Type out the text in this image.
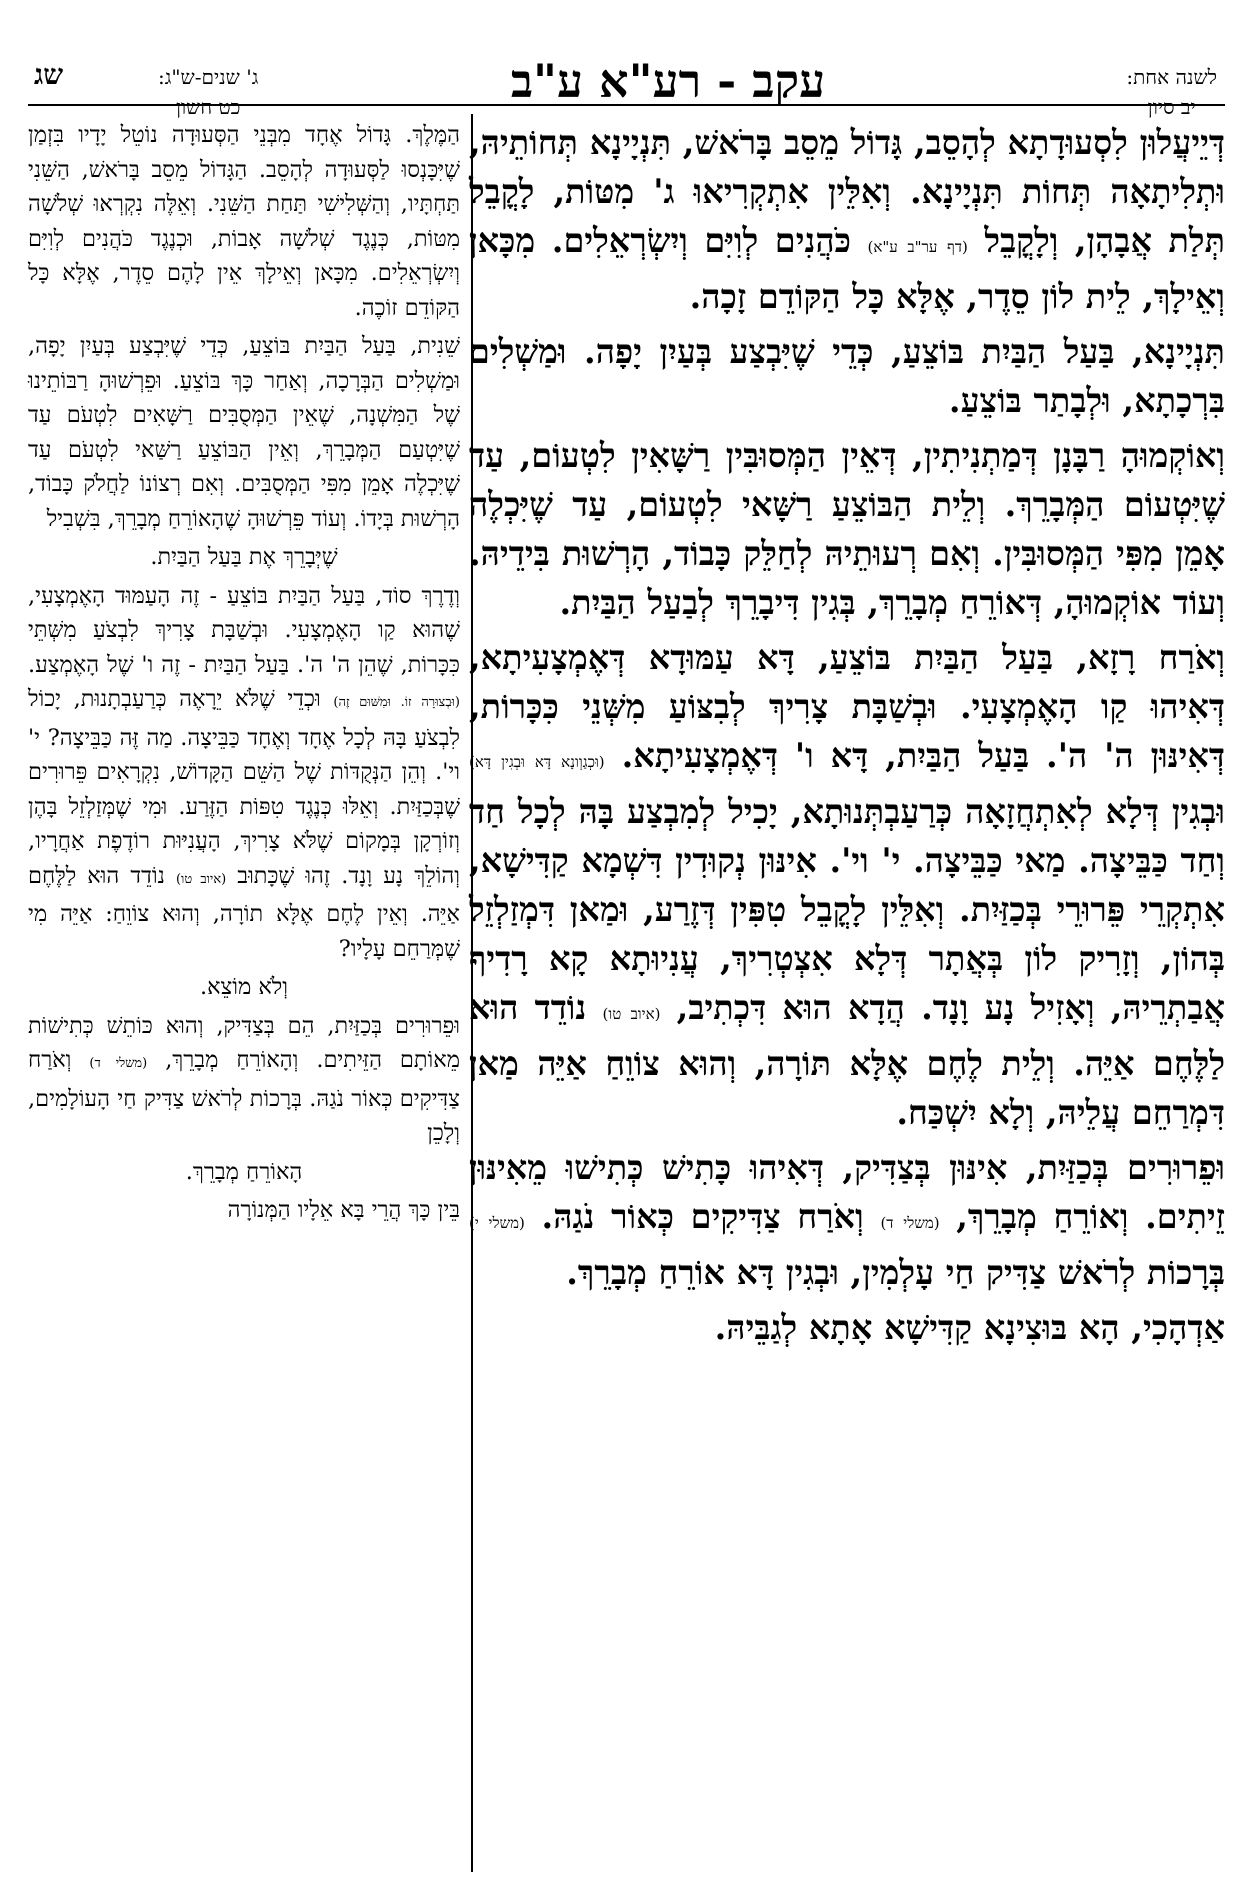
שג	ג' שנים-ש"ג:
כט חשון	עקב - רע"א ע"ב	לשנה אחת:
יב סיון

דְּיֵיעֲלוּן לִסְעוּדָתָא לְהָסֵב, גָּדוֹל מֵסֵב בָּרֹאשׁ, תִּנְיָינָא תְּחוֹתֵיהּ, וּתְלִיתָאָה תְּחוֹת תִּנְיָינָא. וְאִלֵּין אִתְקְרִיאוּ ג' מִטּוֹת, לָקֳבֵל תְּלַת אֲבָהָן, וְלָקֳבֵל (דף ער"ב ע"א) כֹּהֲנִים לְוִיִּם וְיִשְׂרְאֵלִים. מִכָּאן וְאֵילָךְ, לֵית לוֹן סֵדֶר, אֶלָּא כָּל הַקּוֹדֵם זָכָה.

תִּנְיָינָא, בַּעַל הַבַּיִת בּוֹצֵעַ, כְּדֵי שֶׁיִּבְצַע בְּעַיִן יָפָה. וּמַשְׁלִים בִּרְכָתָא, וּלְבָתַר בּוֹצֵעַ.

וְאוֹקְמוּהָ רַבָּנָן דְּמַתְנִיתִין, דְּאֵין הַמְּסוּבִּין רַשָּׁאִין לִטְעוֹם, עַד שֶׁיִּטְעוֹם הַמְּבָרֵךְ. וְלֵית הַבּוֹצֵעַ רַשָּׁאי לִטְעוֹם, עַד שֶׁיִּכְלֶה אָמֵן מִפִּי הַמְּסוּבִּין. וְאִם רְעוּתֵיהּ לְחַלֵּק כָּבוֹד, הָרְשׁוּת בִּידֵיהּ. וְעוֹד אוֹקְמוּהָ, דְּאוֹרֵחַ מְבָרֵךְ, בְּגִין דִּיבָרֵךְ לְבַעַל הַבַּיִת.

וְאֹרַח רָזָא, בַּעַל הַבַּיִת בּוֹצֵעַ, דָּא עַמּוּדָא דְּאֶמְצָעִיתָא, דְּאִיהוּ קַו הָאֶמְצָעִי. וּבְשַׁבָּת צָרִיךְ לְבִצּוֹעַ מִשְּׁנֵי כִּכָּרוֹת, דְּאִינּוּן ה' ה'. בַּעַל הַבַּיִת, דָּא ו' דְּאֶמְצָעִיתָא. (וּכְגַוְונָא דָּא וּבְגִין דָּא) וּבְגִין דְּלָא לְאִתְחֲזָאָה כְּרַעַבְתְּנוּתָא, יָכִיל לְמִבְצַע בָּהּ לְכָל חַד וְחַד כַּבֵּיצָה. מַאי כַּבֵּיצָה. י' וי'. אִינּוּן נְקוּדִין דִּשְׁמָא קַדִּישָׁא, אִתְקְרֵי פֵּרוּרֵי בְּכַזַּיִת. וְאִלֵּין לָקֳבֵל טִפִּין דְּזֶרַע, וּמַאן דִּמְזַלְזֵל בְּהוֹן, וְזָרִיק לוֹן בְּאֲתָר דְּלָא אִצְטְרִיךְ, עֲנִיוּתָא קָא רָדִיף אֲבַתְרֵיהּ, וְאָזִיל נָע וָנָד. הֲדָא הוּא דִּכְתִיב, (איוב טו) נוֹדֵד הוּא לַלֶּחֶם אַיֵּה. וְלֵית לֶחֶם אֶלָּא תּוֹרָה, וְהוּא צוֹוֵחַ אַיֵּה מַאן דִּמְרַחֵם עֲלֵיהּ, וְלָא יִשְׁכַּח.

וּפֵרוּרִים בְּכַזַּיִת, אִינּוּן בְּצַדִּיק, דְּאִיהוּ כָּתִישׁ כְּתִישׁוּ מֵאִינּוּן זֵיתִים. וְאוֹרֵחַ מְבָרֵךְ, (משלי ד) וְאֹרַח צַדִּיקִים כְּאוֹר נֹגַהּ. (משלי י) בְּרָכוֹת לְרֹאשׁ צַדִּיק חַי עָלְמִין, וּבְגִין דָּא אוֹרֵחַ מְבָרֵךְ.

אַדְהָכִי, הָא בּוּצִינָא קַדִּישָׁא אָתָא לְגַבֵּיהּ.

הַמֶּלֶךְ. גָּדוֹל אֶחָד מִבְּנֵי הַסְּעוּדָה נוֹטֵל יָדָיו בִּזְמַן שֶׁיִּכָּנְסוּ לַסְּעוּדָה לְהָסֵב. הַגָּדוֹל מֵסֵב בָּרֹאשׁ, הַשֵּׁנִי תַּחְתָּיו, וְהַשְּׁלִישִׁי תַּחַת הַשֵּׁנִי. וְאֵלֶּה נִקְרְאוּ שְׁלֹשָׁה מִטּוֹת, כְּנֶגֶד שְׁלֹשָׁה אָבוֹת, וּכְנֶגֶד כֹּהֲנִים לְוִיִּם וְיִשְׂרְאֵלִים. מִכָּאן וְאֵילָךְ אֵין לָהֶם סֵדֶר, אֶלָּא כָּל הַקּוֹדֵם זוֹכֶה.

שֵׁנִית, בַּעַל הַבַּיִת בּוֹצֵעַ, כְּדֵי שֶׁיִּבְצַע בְּעַיִן יָפָה, וּמַשְׁלִים הַבְּרָכָה, וְאַחַר כָּךְ בּוֹצֵעַ. וּפֵרְשׁוּהָ רַבּוֹתֵינוּ שֶׁל הַמִּשְׁנָה, שֶׁאֵין הַמְּסֻבִּים רַשָּׁאִים לִטְעֹם עַד שֶׁיִּטְעַם הַמְּבָרֵךְ, וְאֵין הַבּוֹצֵעַ רַשַּׁאי לִטְעֹם עַד שֶׁיִּכְלֶה אָמֵן מִפִּי הַמְּסֻבִּים. וְאִם רְצוֹנוֹ לַחֲלֹק כָּבוֹד, הָרְשׁוּת בְּיָדוֹ. וְעוֹד פֵּרְשׁוּהָ שֶׁהָאוֹרֵחַ מְבָרֵךְ, בִּשְׁבִיל

שֶׁיְּבָרֵךְ אֶת בַּעַל הַבַּיִת.

וְדֶרֶךְ סוֹד, בַּעַל הַבַּיִת בּוֹצֵעַ - זֶה הָעַמּוּד הָאֶמְצָעִי, שֶׁהוּא קַו הָאֶמְצָעִי. וּבְשַׁבָּת צָרִיךְ לִבְצֹעַ מִשְּׁתֵּי כִּכָּרוֹת, שֶׁהֵן ה' ה'. בַּעַל הַבַּיִת - זֶה ו' שֶׁל הָאֶמְצַע. (וּבְצוּרָה זוֹ. וּמִשּׁוּם זֶה) וּכְדֵי שֶׁלֹּא יֵרָאֶה כְּרַעַבְתָנוּת, יָכוֹל לִבְצֹעַ בָּהּ לְכָל אֶחָד וְאֶחָד כַּבֵּיצָה. מַה זֶּה כַּבֵּיצָה? י' וי'. וְהֵן הַנְּקֻדּוֹת שֶׁל הַשֵּׁם הַקָּדוֹשׁ, נִקְרָאִים פֵּרוּרִים שֶׁבְּכַזַּיִת. וְאֵלּוּ כְּנֶגֶד טִפּוֹת הַזֶּרַע. וּמִי שֶׁמְּזַלְזֵל בָּהֶן וְזוֹרְקָן בְּמָקוֹם שֶׁלֹּא צָרִיךְ, הָעֲנִיּוּת רוֹדֶפֶת אַחֲרָיו, וְהוֹלֵךְ נָע וָנָד. זֶהוּ שֶׁכָּתוּב (איוב טו) נוֹדֵד הוּא לַלֶּחֶם אַיֵּה. וְאֵין לֶחֶם אֶלָּא תוֹרָה, וְהוּא צוֹוֵחַ: אַיֵּה מִי שֶׁמְּרַחֵם עָלָיו?

וְלֹא מוֹצֵא.

וּפֵרוּרִים בְּכַזַּיִת, הֵם בְּצַדִּיק, וְהוּא כּוֹתֵשׁ כְּתִישׁוֹת מֵאוֹתָם הַזֵּיתִים. וְהָאוֹרֵחַ מְבָרֵךְ, (משלי ד) וְאֹרַח צַדִּיקִים כְּאוֹר נֹגַהּ. בְּרָכוֹת לְרֹאשׁ צַדִּיק חַי הָעוֹלָמִים, וְלָכֵן

הָאוֹרֵחַ מְבָרֵךְ.

בֵּין כָּךְ הֲרֵי בָּא אֵלָיו הַמְּנוֹרָה
